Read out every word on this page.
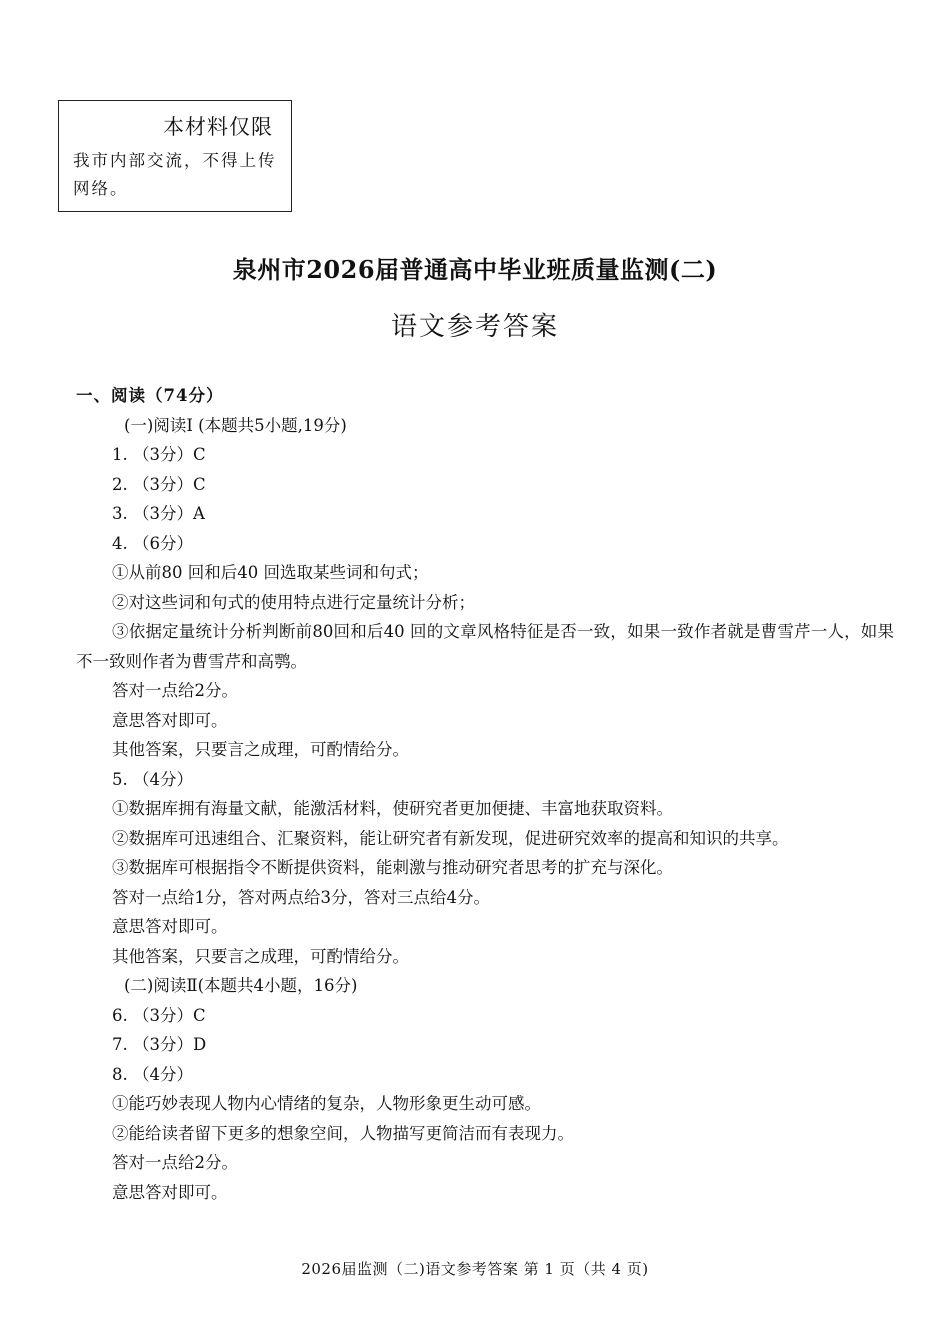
本材料仅限
我市内部交流，不得上传网络。
泉州市2026届普通高中毕业班质量监测(二)
语文参考答案
一、阅读（74分）
(一)阅读Ⅰ (本题共5小题,19分)
1. （3分）C
2. （3分）C
3. （3分）A
4. （6分）
①从前80 回和后40 回选取某些词和句式；
②对这些词和句式的使用特点进行定量统计分析；
③依据定量统计分析判断前80回和后40 回的文章风格特征是否一致，如果一致作者就是曹雪芹一人，如果不一致则作者为曹雪芹和高鹗。
答对一点给2分。
意思答对即可。
其他答案，只要言之成理，可酌情给分。
5. （4分）
①数据库拥有海量文献，能激活材料，使研究者更加便捷、丰富地获取资料。
②数据库可迅速组合、汇聚资料，能让研究者有新发现，促进研究效率的提高和知识的共享。
③数据库可根据指令不断提供资料，能刺激与推动研究者思考的扩充与深化。
答对一点给1分，答对两点给3分，答对三点给4分。
意思答对即可。
其他答案，只要言之成理，可酌情给分。
(二)阅读Ⅱ(本题共4小题，16分)
6. （3分）C
7. （3分）D
8. （4分）
①能巧妙表现人物内心情绪的复杂，人物形象更生动可感。
②能给读者留下更多的想象空间，人物描写更简洁而有表现力。
答对一点给2分。
意思答对即可。
2026届监测（二)语文参考答案 第 1 页（共 4 页)
